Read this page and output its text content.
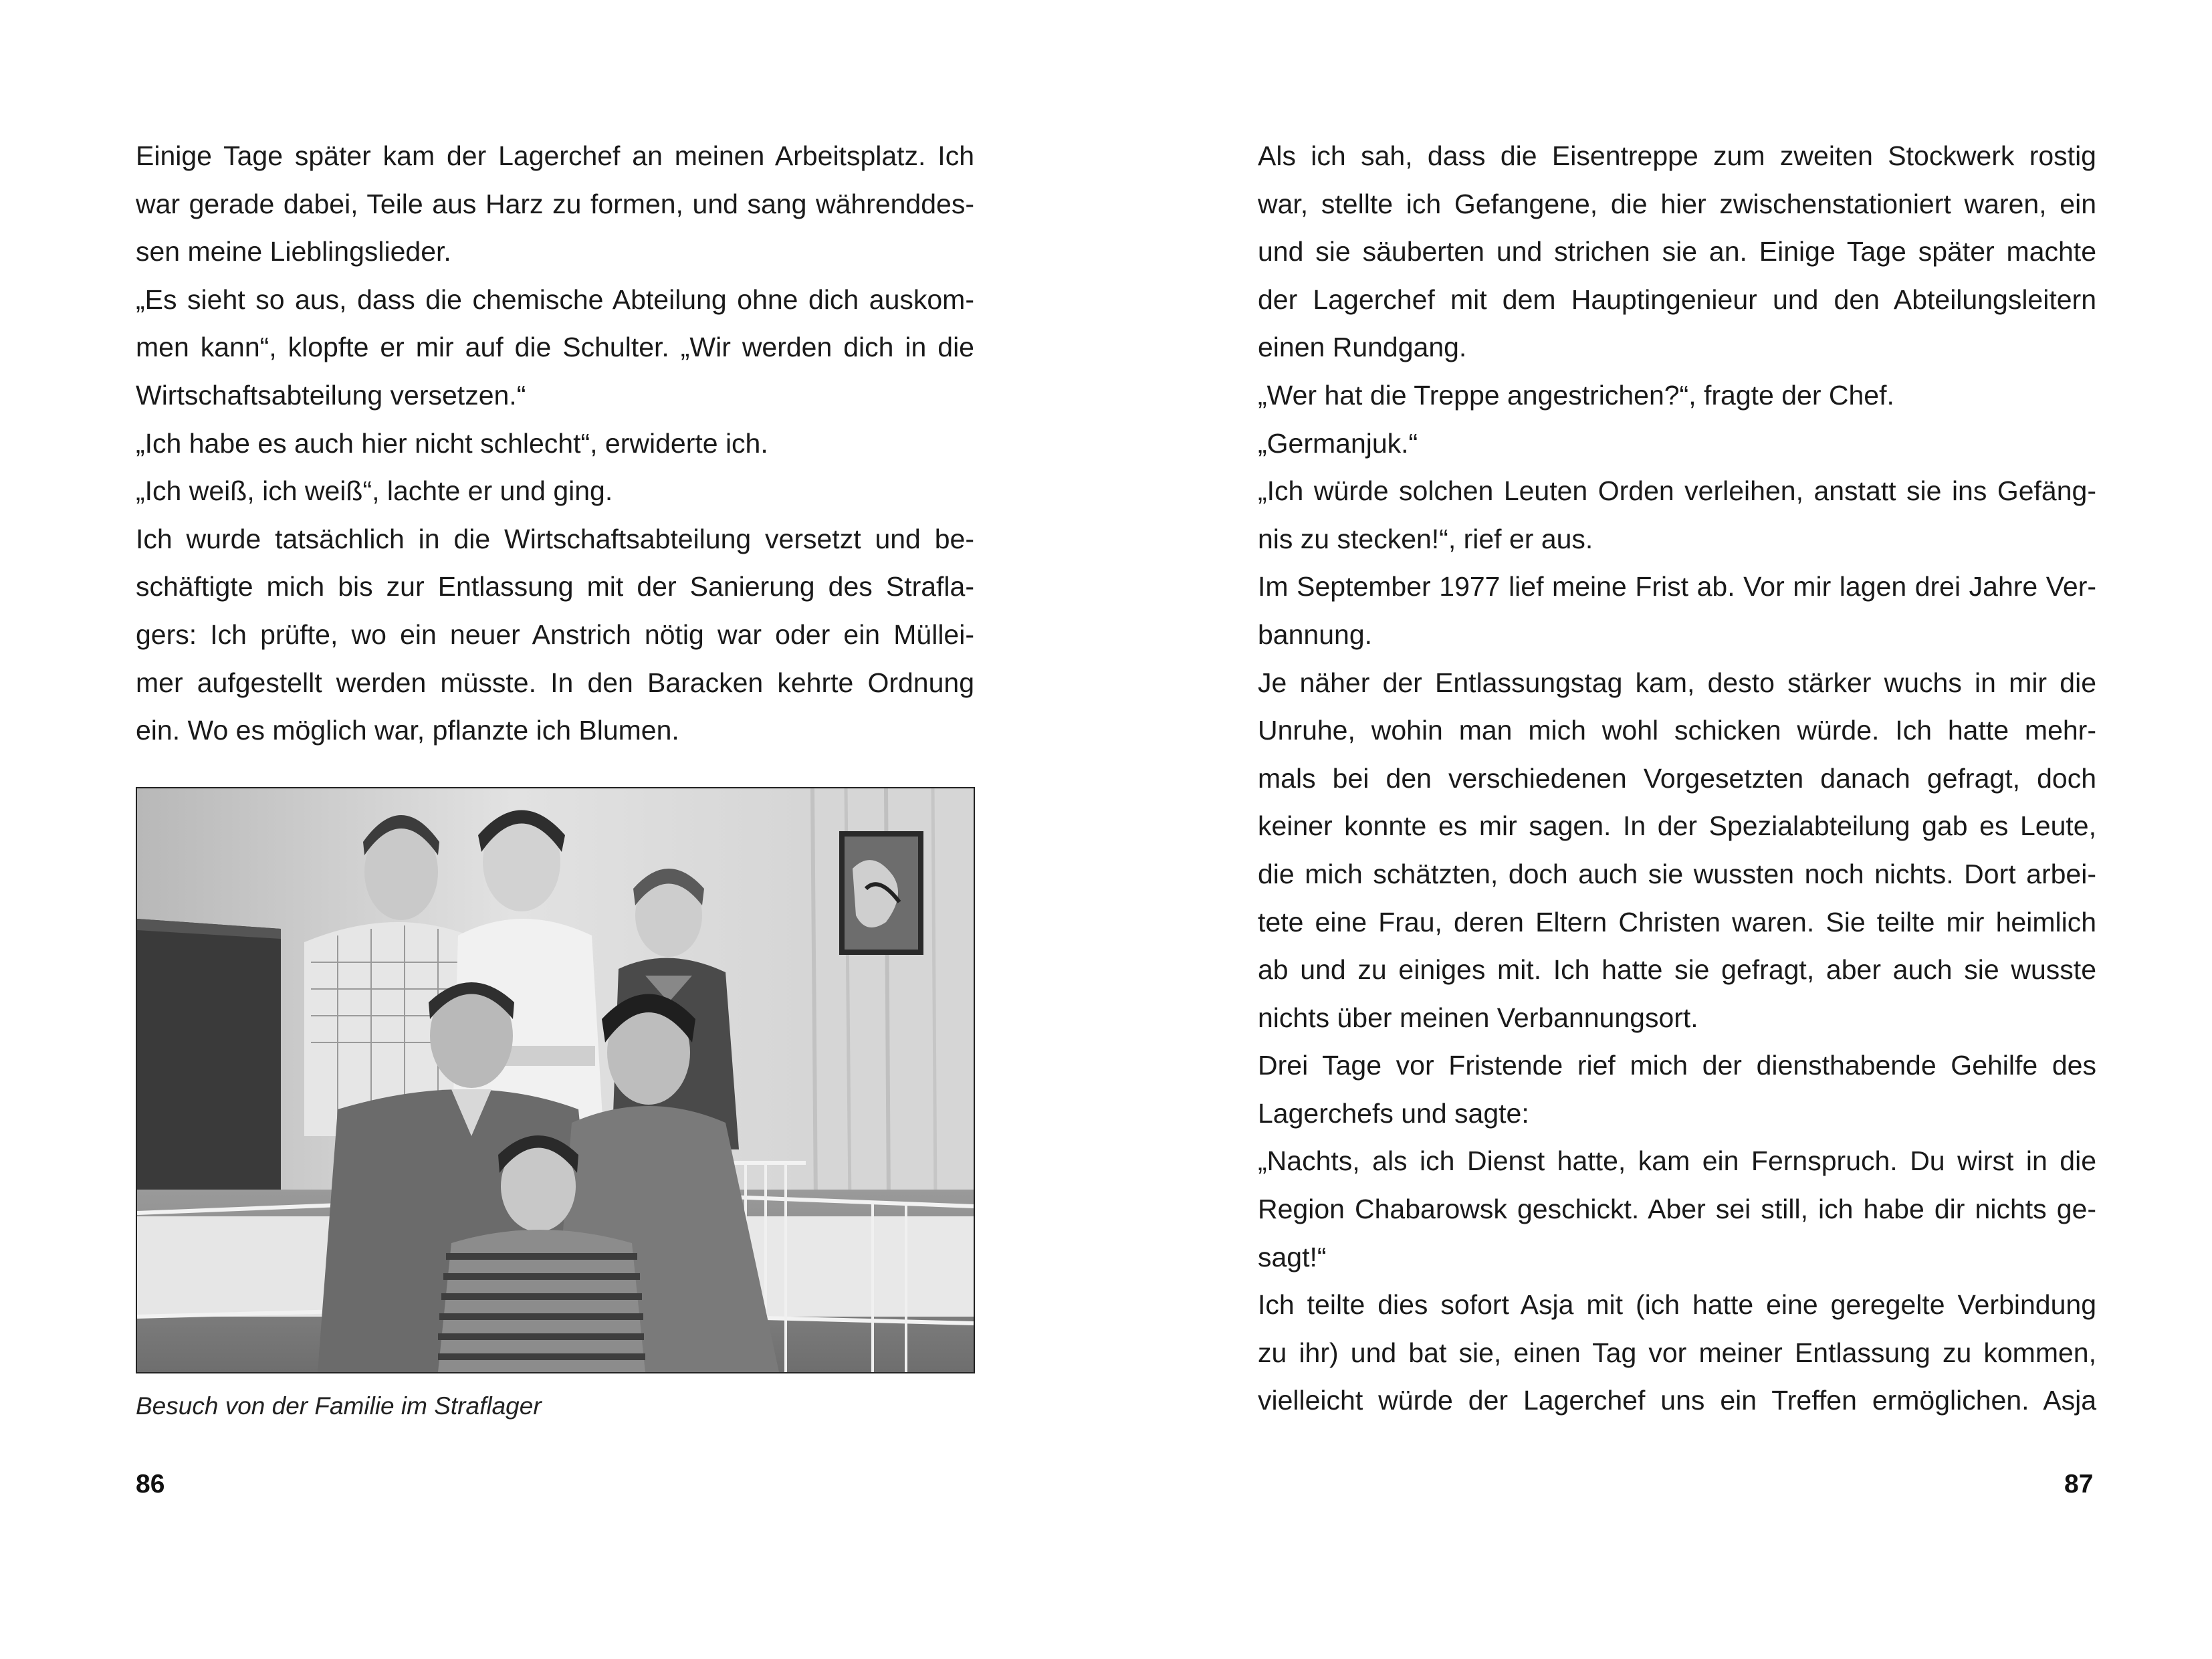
Einige Tage später kam der Lagerchef an meinen Arbeitsplatz. Ich
war gerade dabei, Teile aus Harz zu formen, und sang währenddes-
sen meine Lieblingslieder.
„Es sieht so aus, dass die chemische Abteilung ohne dich auskom-
men kann“, klopfte er mir auf die Schulter. „Wir werden dich in die
Wirtschaftsabteilung versetzen.“
„Ich habe es auch hier nicht schlecht“, erwiderte ich.
„Ich weiß, ich weiß“, lachte er und ging.
Ich wurde tatsächlich in die Wirtschaftsabteilung versetzt und be-
schäftigte mich bis zur Entlassung mit der Sanierung des Strafla-
gers: Ich prüfte, wo ein neuer Anstrich nötig war oder ein Müllei-
mer aufgestellt werden müsste. In den Baracken kehrte Ordnung
ein. Wo es möglich war, pflanzte ich Blumen.
Besuch von der Familie im Straflager
86
Als ich sah, dass die Eisentreppe zum zweiten Stockwerk rostig
war, stellte ich Gefangene, die hier zwischenstationiert waren, ein
und sie säuberten und strichen sie an. Einige Tage später machte
der Lagerchef mit dem Hauptingenieur und den Abteilungsleitern
einen Rundgang.
„Wer hat die Treppe angestrichen?“, fragte der Chef.
„Germanjuk.“
„Ich würde solchen Leuten Orden verleihen, anstatt sie ins Gefäng-
nis zu stecken!“, rief er aus.
Im September 1977 lief meine Frist ab. Vor mir lagen drei Jahre Ver-
bannung.
Je näher der Entlassungstag kam, desto stärker wuchs in mir die
Unruhe, wohin man mich wohl schicken würde. Ich hatte mehr-
mals bei den verschiedenen Vorgesetzten danach gefragt, doch
keiner konnte es mir sagen. In der Spezialabteilung gab es Leute,
die mich schätzten, doch auch sie wussten noch nichts. Dort arbei-
tete eine Frau, deren Eltern Christen waren. Sie teilte mir heimlich
ab und zu einiges mit. Ich hatte sie gefragt, aber auch sie wusste
nichts über meinen Verbannungsort.
Drei Tage vor Fristende rief mich der diensthabende Gehilfe des
Lagerchefs und sagte:
„Nachts, als ich Dienst hatte, kam ein Fernspruch. Du wirst in die
Region Chabarowsk geschickt. Aber sei still, ich habe dir nichts ge-
sagt!“
Ich teilte dies sofort Asja mit (ich hatte eine geregelte Verbindung
zu ihr) und bat sie, einen Tag vor meiner Entlassung zu kommen,
vielleicht würde der Lagerchef uns ein Treffen ermöglichen. Asja
87
